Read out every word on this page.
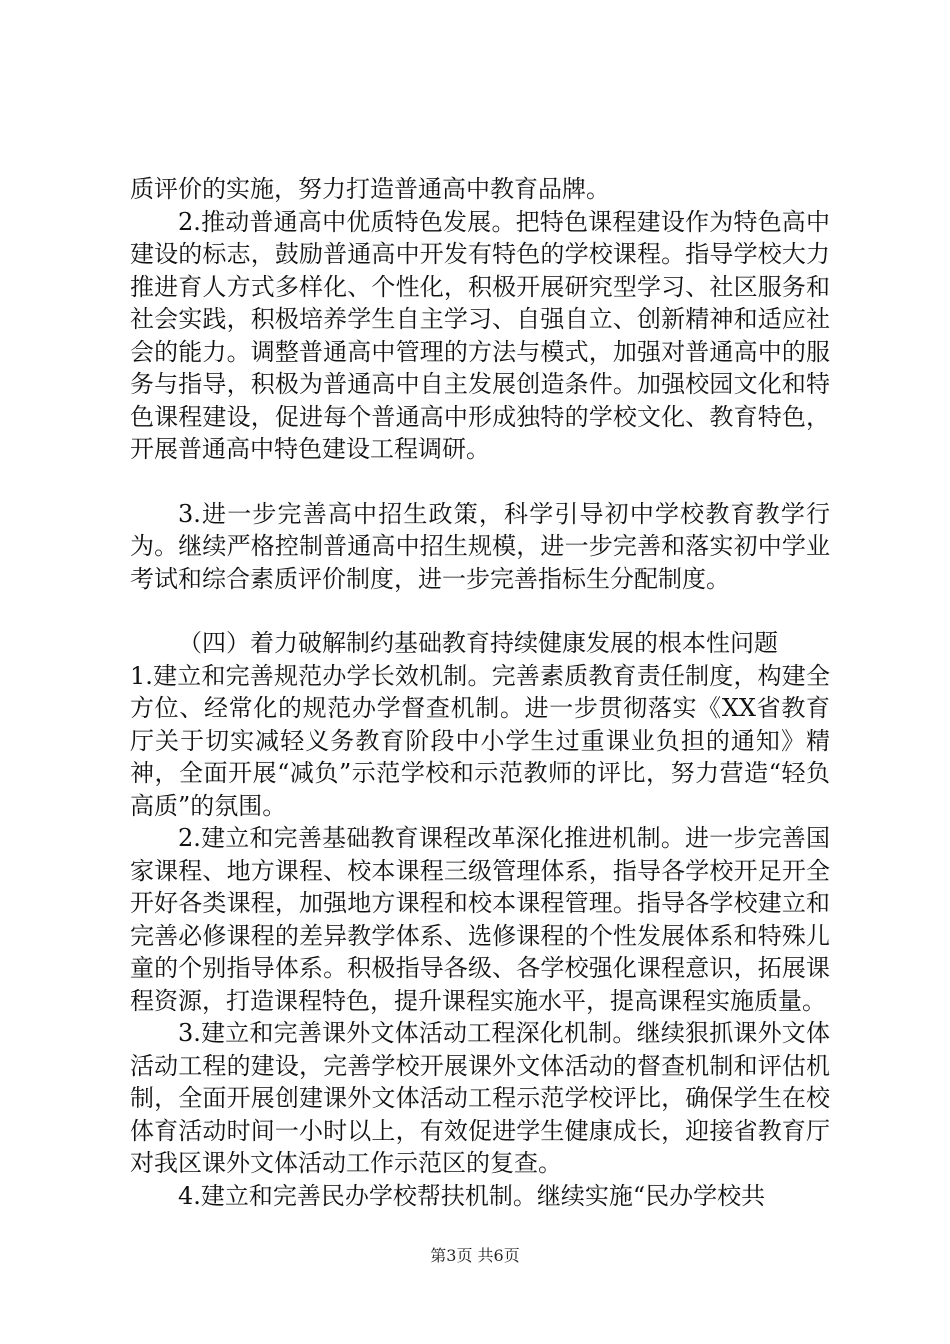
质评价的实施，努力打造普通高中教育品牌。

2.推动普通高中优质特色发展。把特色课程建设作为特色高中建设的标志，鼓励普通高中开发有特色的学校课程。指导学校大力推进育人方式多样化、个性化，积极开展研究型学习、社区服务和社会实践，积极培养学生自主学习、自强自立、创新精神和适应社会的能力。调整普通高中管理的方法与模式，加强对普通高中的服务与指导，积极为普通高中自主发展创造条件。加强校园文化和特色课程建设，促进每个普通高中形成独特的学校文化、教育特色，开展普通高中特色建设工程调研。

3.进一步完善高中招生政策，科学引导初中学校教育教学行为。继续严格控制普通高中招生规模，进一步完善和落实初中学业考试和综合素质评价制度，进一步完善指标生分配制度。

（四）着力破解制约基础教育持续健康发展的根本性问题

1.建立和完善规范办学长效机制。完善素质教育责任制度，构建全方位、经常化的规范办学督查机制。进一步贯彻落实《XX省教育厅关于切实减轻义务教育阶段中小学生过重课业负担的通知》精神，全面开展“减负”示范学校和示范教师的评比，努力营造“轻负高质”的氛围。

2.建立和完善基础教育课程改革深化推进机制。进一步完善国家课程、地方课程、校本课程三级管理体系，指导各学校开足开全开好各类课程，加强地方课程和校本课程管理。指导各学校建立和完善必修课程的差异教学体系、选修课程的个性发展体系和特殊儿童的个别指导体系。积极指导各级、各学校强化课程意识，拓展课程资源，打造课程特色，提升课程实施水平，提高课程实施质量。

3.建立和完善课外文体活动工程深化机制。继续狠抓课外文体活动工程的建设，完善学校开展课外文体活动的督查机制和评估机制，全面开展创建课外文体活动工程示范学校评比，确保学生在校体育活动时间一小时以上，有效促进学生健康成长，迎接省教育厅对我区课外文体活动工作示范区的复查。

4.建立和完善民办学校帮扶机制。继续实施“民办学校共

第3页 共6页
